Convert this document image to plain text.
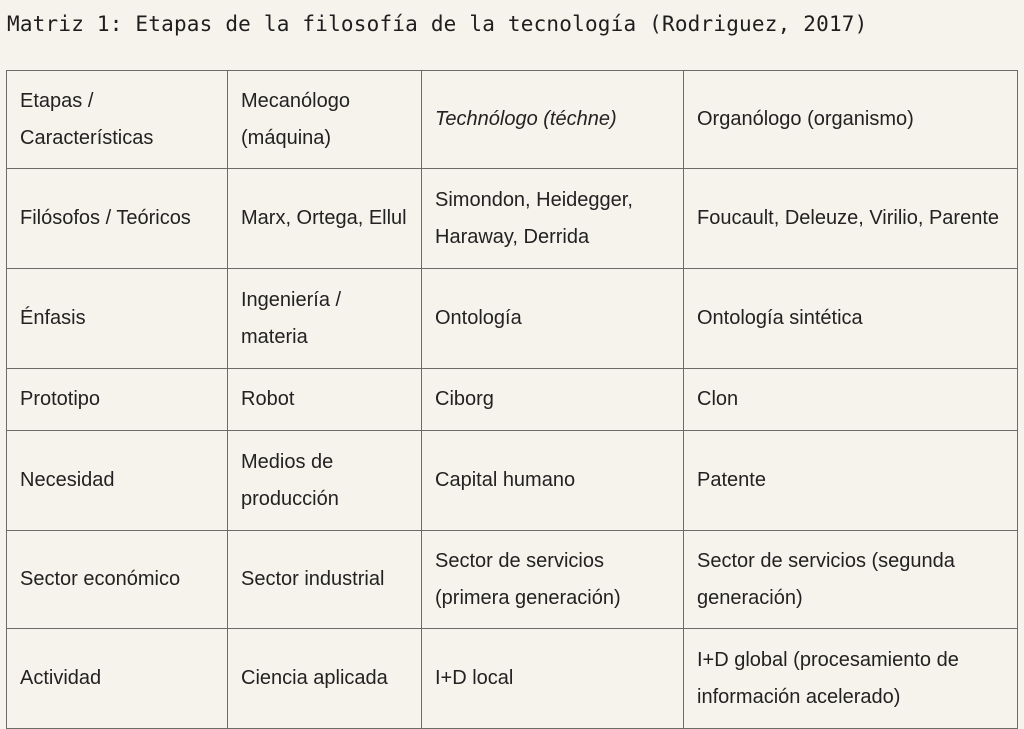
Matriz 1: Etapas de la filosofía de la tecnología (Rodriguez, 2017)
Etapas / Características	Mecanólogo (máquina)	Technólogo (téchne)	Organólogo (organismo)
Filósofos / Teóricos	Marx, Ortega, Ellul	Simondon, Heidegger, Haraway, Derrida	Foucault, Deleuze, Virilio, Parente
Énfasis	Ingeniería / materia	Ontología	Ontología sintética
Prototipo	Robot	Ciborg	Clon
Necesidad	Medios de producción	Capital humano	Patente
Sector económico	Sector industrial	Sector de servicios (primera generación)	Sector de servicios (segunda generación)
Actividad	Ciencia aplicada	I+D local	I+D global (procesamiento de información acelerado)
